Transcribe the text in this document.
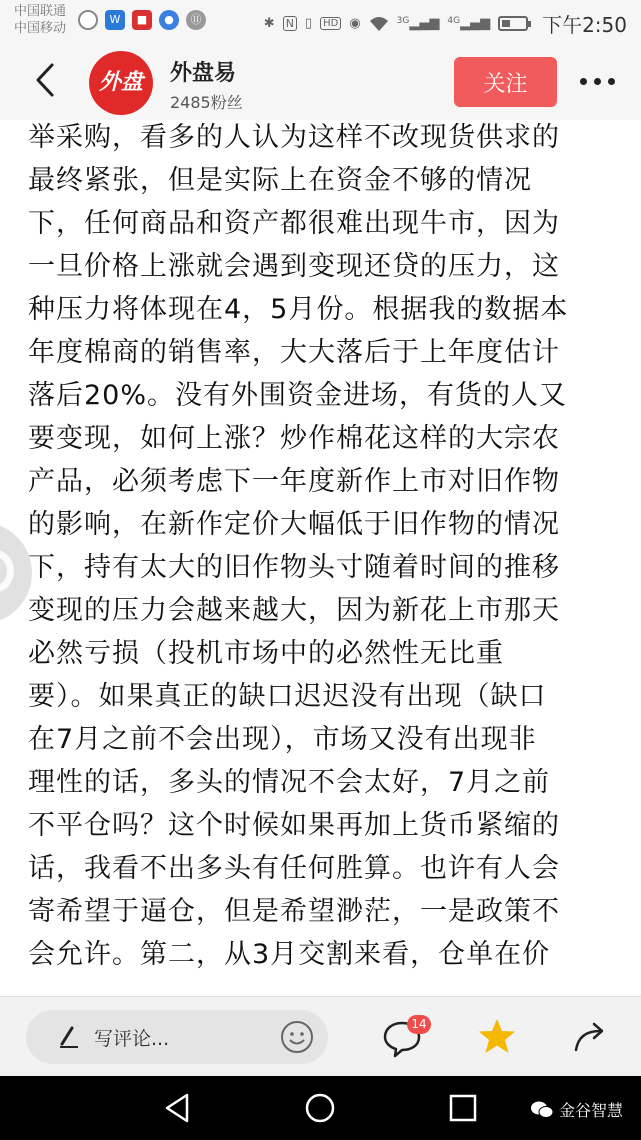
中国联通
中国移动
W	■	●	⑪	✱ N ▯	HD ◉	$^{3G}$▂▄▆ $^{4G}$▂▄▆	下午2:50
外盘	外盘易
2485粉丝
关注
举采购，看多的人认为这样不改现货供求的
最终紧张，但是实际上在资金不够的情况
下，任何商品和资产都很难出现牛市，因为
一旦价格上涨就会遇到变现还贷的压力，这
种压力将体现在4，5月份。根据我的数据本
年度棉商的销售率，大大落后于上年度估计
落后20%。没有外围资金进场，有货的人又
要变现，如何上涨？炒作棉花这样的大宗农
产品，必须考虑下一年度新作上市对旧作物
的影响，在新作定价大幅低于旧作物的情况
下，持有太大的旧作物头寸随着时间的推移
变现的压力会越来越大，因为新花上市那天
必然亏损（投机市场中的必然性无比重
要）。如果真正的缺口迟迟没有出现（缺口
在7月之前不会出现），市场又没有出现非
理性的话，多头的情况不会太好，7月之前
不平仓吗？这个时候如果再加上货币紧缩的
话，我看不出多头有任何胜算。也许有人会
寄希望于逼仓，但是希望渺茫，一是政策不
会允许。第二，从3月交割来看，仓单在价
写评论...
14
金谷智慧
